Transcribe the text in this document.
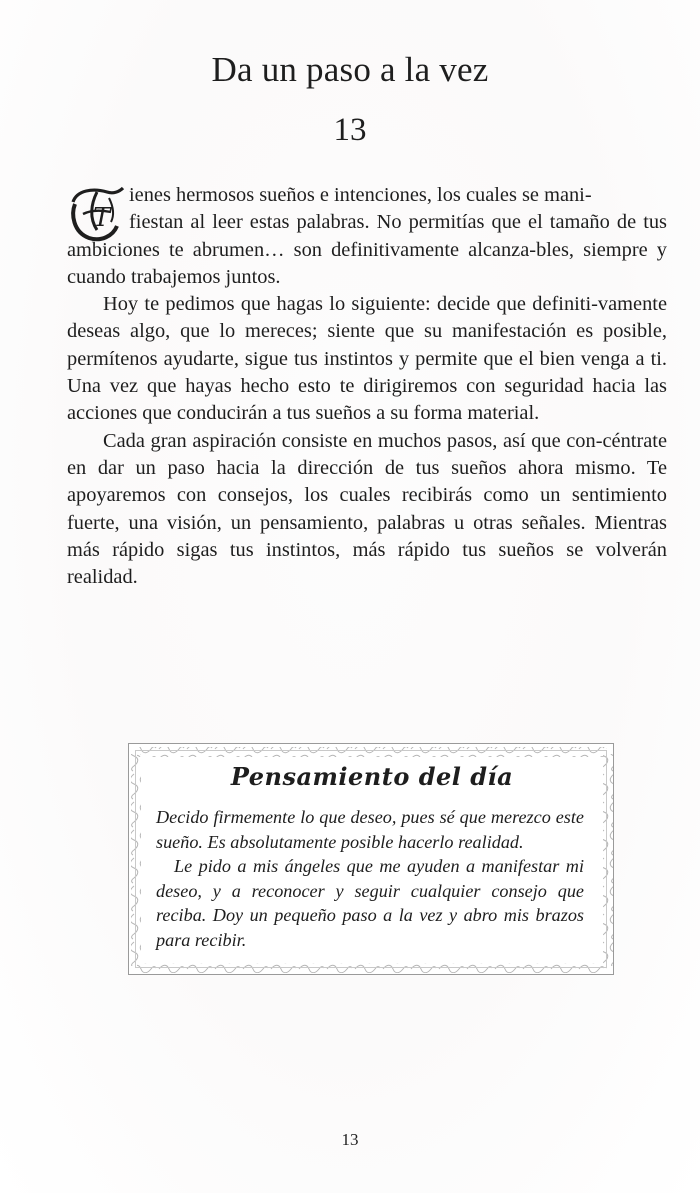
Da un paso a la vez
13
T

ienes hermosos sueños e intenciones, los cuales se mani-
fiestan al leer estas palabras. No permitías que el tamaño de tus ambiciones te abrumen… son definitivamente alcanza-bles, siempre y cuando trabajemos juntos.

Hoy te pedimos que hagas lo siguiente: decide que definiti-vamente deseas algo, que lo mereces; siente que su manifestación es posible, permítenos ayudarte, sigue tus instintos y permite que el bien venga a ti. Una vez que hayas hecho esto te dirigiremos con seguridad hacia las acciones que conducirán a tus sueños a su forma material.

Cada gran aspiración consiste en muchos pasos, así que con-céntrate en dar un paso hacia la dirección de tus sueños ahora mismo. Te apoyaremos con consejos, los cuales recibirás como un sentimiento fuerte, una visión, un pensamiento, palabras u otras señales. Mientras más rápido sigas tus instintos, más rápido tus sueños se volverán realidad.

Pensamiento del día

Decido firmemente lo que deseo, pues sé que merezco este sueño. Es absolutamente posible hacerlo realidad.

Le pido a mis ángeles que me ayuden a manifestar mi deseo, y a reconocer y seguir cualquier consejo que reciba. Doy un pequeño paso a la vez y abro mis brazos para recibir.

13
